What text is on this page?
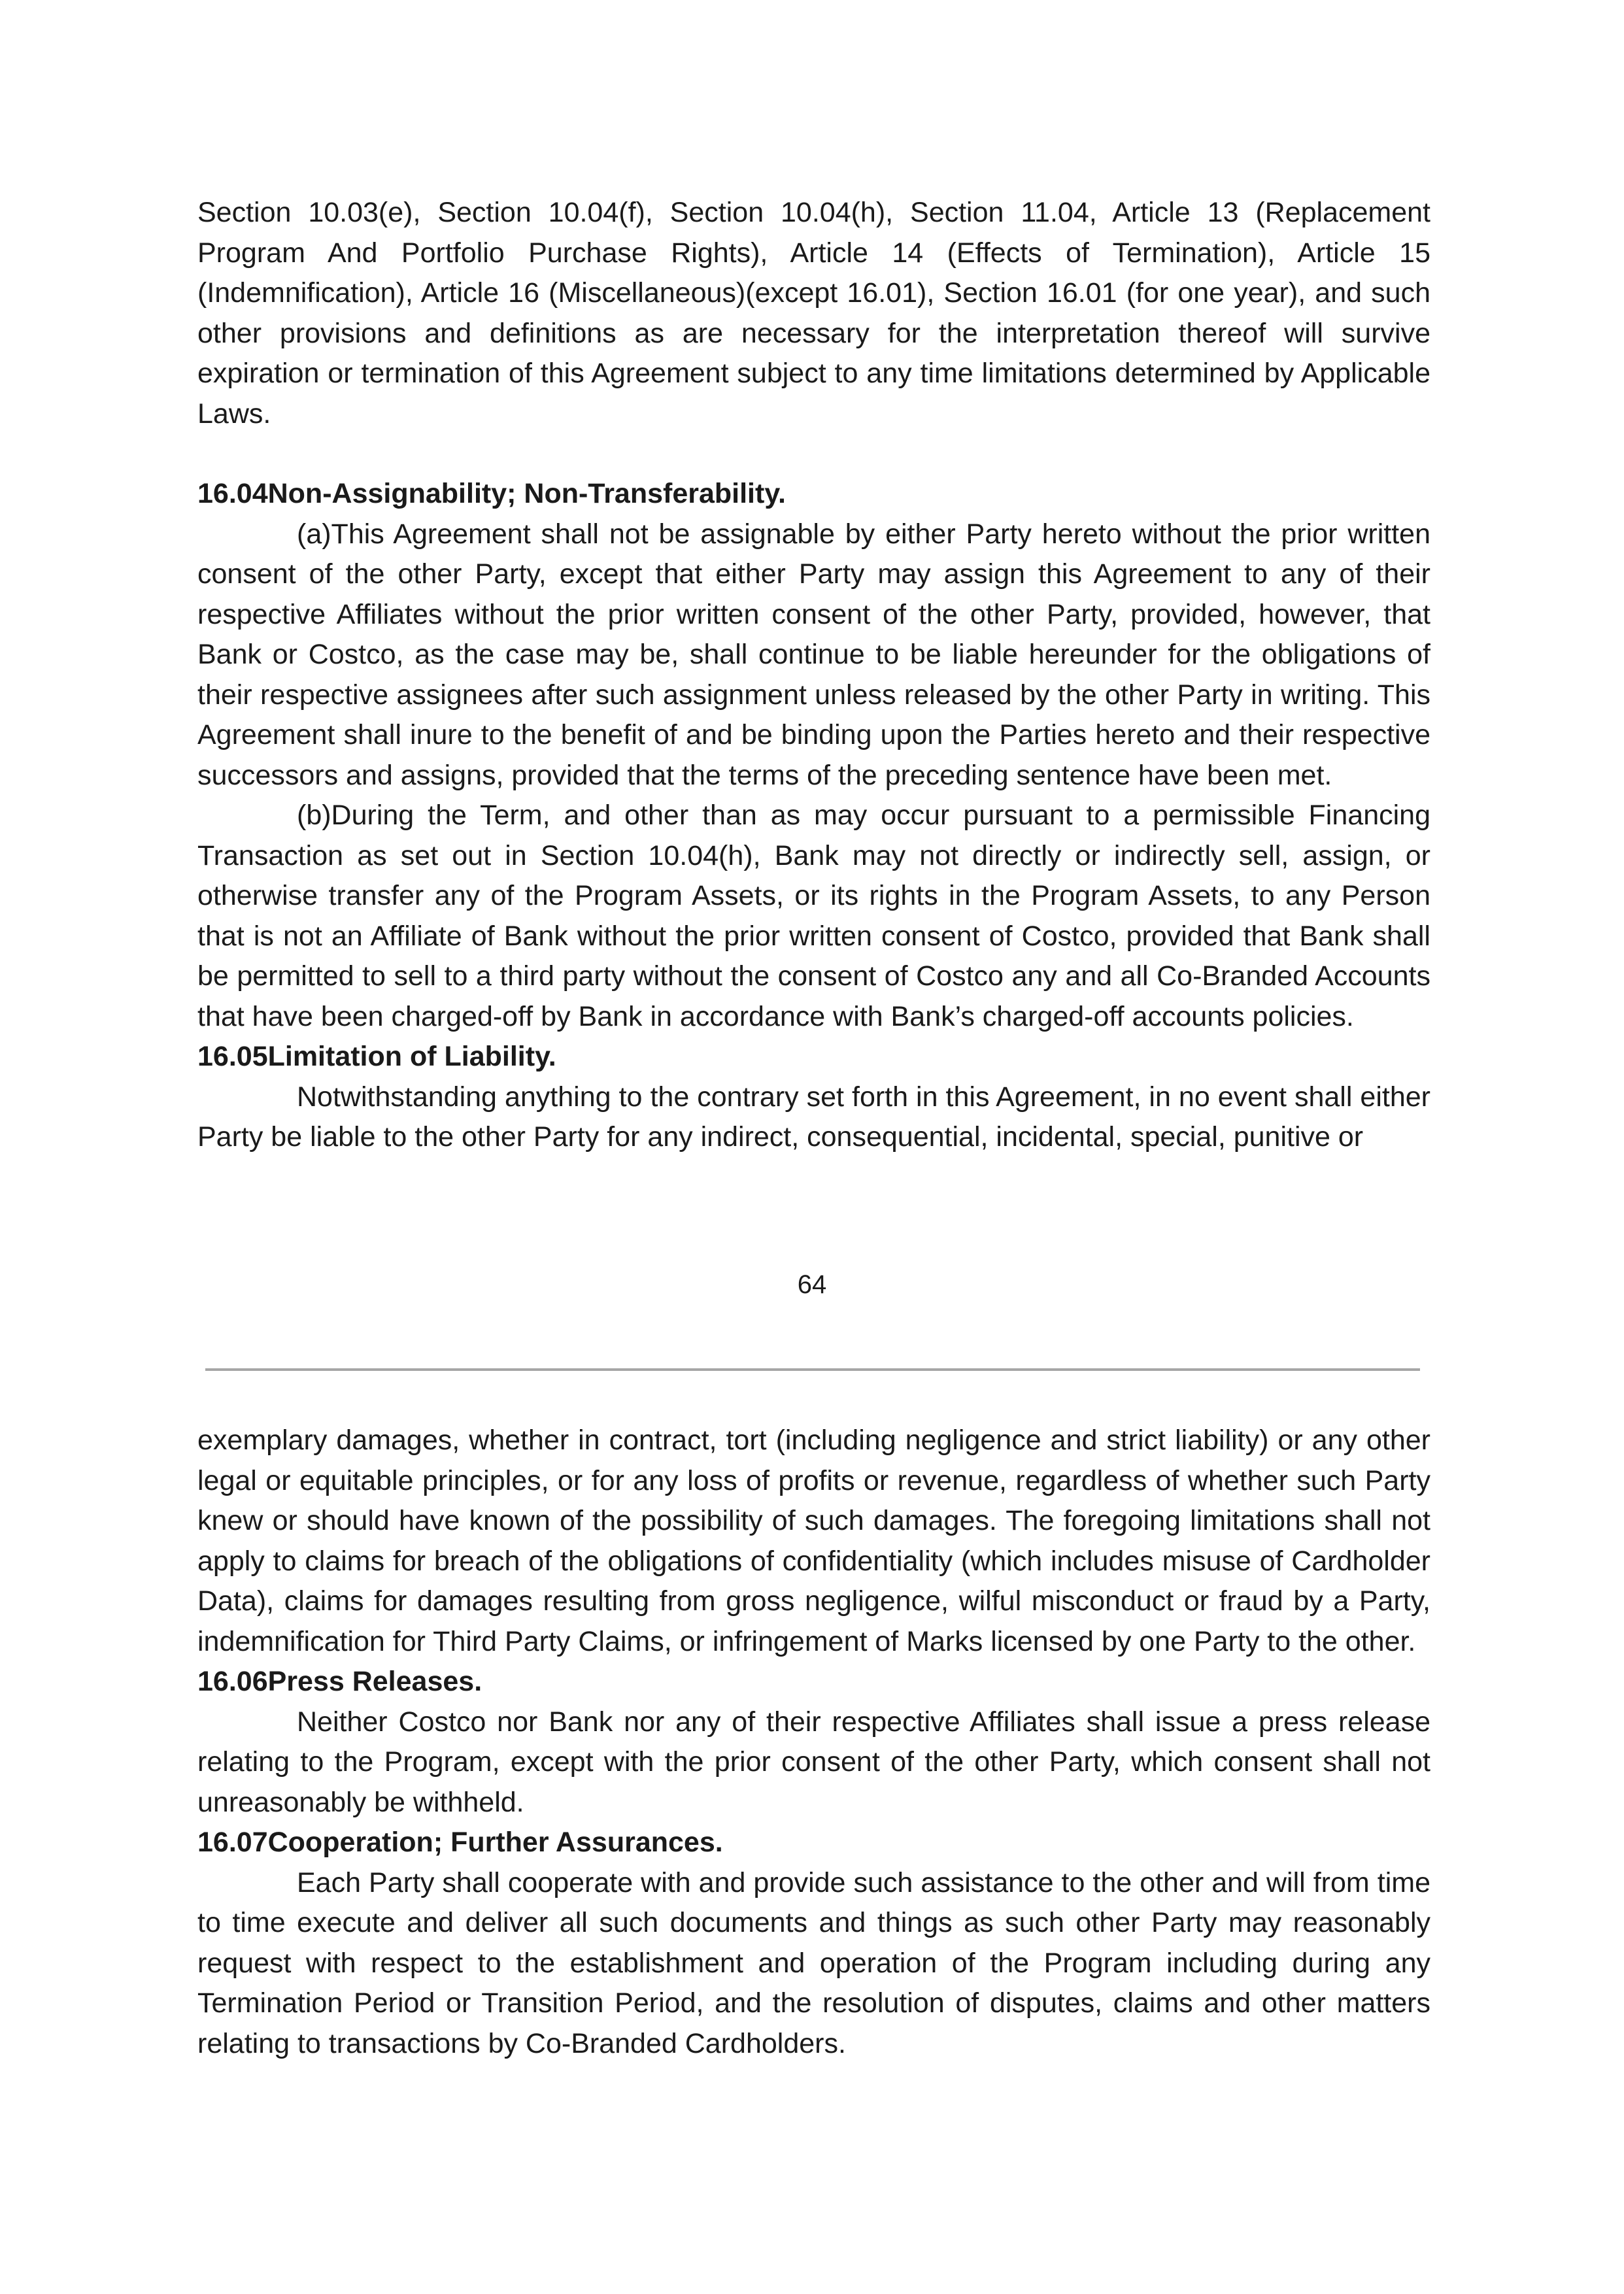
Section 10.03(e), Section 10.04(f), Section 10.04(h), Section 11.04, Article 13 (Replacement Program And Portfolio Purchase Rights), Article 14 (Effects of Termination), Article 15 (Indemnification), Article 16 (Miscellaneous)(except 16.01), Section 16.01 (for one year), and such other provisions and definitions as are necessary for the interpretation thereof will survive expiration or termination of this Agreement subject to any time limitations determined by Applicable Laws.

16.04Non-Assignability; Non-Transferability.

(a)This Agreement shall not be assignable by either Party hereto without the prior written consent of the other Party, except that either Party may assign this Agreement to any of their respective Affiliates without the prior written consent of the other Party, provided, however, that Bank or Costco, as the case may be, shall continue to be liable hereunder for the obligations of their respective assignees after such assignment unless released by the other Party in writing. This Agreement shall inure to the benefit of and be binding upon the Parties hereto and their respective successors and assigns, provided that the terms of the preceding sentence have been met.

(b)During the Term, and other than as may occur pursuant to a permissible Financing Transaction as set out in Section 10.04(h), Bank may not directly or indirectly sell, assign, or otherwise transfer any of the Program Assets, or its rights in the Program Assets, to any Person that is not an Affiliate of Bank without the prior written consent of Costco, provided that Bank shall be permitted to sell to a third party without the consent of Costco any and all Co-Branded Accounts that have been charged-off by Bank in accordance with Bank’s charged-off accounts policies.

16.05Limitation of Liability.

Notwithstanding anything to the contrary set forth in this Agreement, in no event shall either Party be liable to the other Party for any indirect, consequential, incidental, special, punitive or

64

exemplary damages, whether in contract, tort (including negligence and strict liability) or any other legal or equitable principles, or for any loss of profits or revenue, regardless of whether such Party knew or should have known of the possibility of such damages. The foregoing limitations shall not apply to claims for breach of the obligations of confidentiality (which includes misuse of Cardholder Data), claims for damages resulting from gross negligence, wilful misconduct or fraud by a Party, indemnification for Third Party Claims, or infringement of Marks licensed by one Party to the other.

16.06Press Releases.

Neither Costco nor Bank nor any of their respective Affiliates shall issue a press release relating to the Program, except with the prior consent of the other Party, which consent shall not unreasonably be withheld.

16.07Cooperation; Further Assurances.

Each Party shall cooperate with and provide such assistance to the other and will from time to time execute and deliver all such documents and things as such other Party may reasonably request with respect to the establishment and operation of the Program including during any Termination Period or Transition Period, and the resolution of disputes, claims and other matters relating to transactions by Co-Branded Cardholders.
